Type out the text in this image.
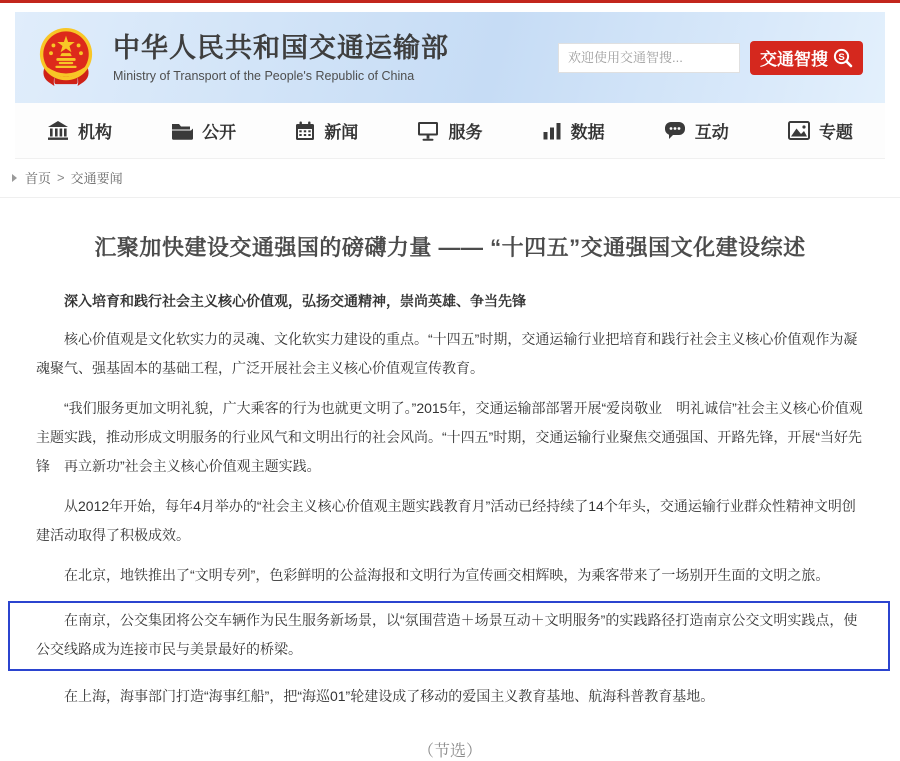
中华人民共和国交通运输部
Ministry of Transport of the People's Republic of China
欢迎使用交通智搜...
交通智搜 S
机构	公开	新闻	服务	数据	互动	专题
首页 > 交通要闻
汇聚加快建设交通强国的磅礴力量 —— “十四五”交通强国文化建设综述

深入培育和践行社会主义核心价值观，弘扬交通精神，崇尚英雄、争当先锋

核心价值观是文化软实力的灵魂、文化软实力建设的重点。“十四五”时期，交通运输行业把培育和践行社会主义核心价值观作为凝魂聚气、强基固本的基础工程，广泛开展社会主义核心价值观宣传教育。

“我们服务更加文明礼貌，广大乘客的行为也就更文明了。”2015年，交通运输部部署开展“爱岗敬业　明礼诚信”社会主义核心价值观主题实践，推动形成文明服务的行业风气和文明出行的社会风尚。“十四五”时期，交通运输行业聚焦交通强国、开路先锋，开展“当好先锋　再立新功”社会主义核心价值观主题实践。

从2012年开始，每年4月举办的“社会主义核心价值观主题实践教育月”活动已经持续了14个年头，交通运输行业群众性精神文明创建活动取得了积极成效。

在北京，地铁推出了“文明专列”，色彩鲜明的公益海报和文明行为宣传画交相辉映，为乘客带来了一场别开生面的文明之旅。

在南京，公交集团将公交车辆作为民生服务新场景，以“氛围营造＋场景互动＋文明服务”的实践路径打造南京公交文明实践点，使公交线路成为连接市民与美景最好的桥梁。

在上海，海事部门打造“海事红船”，把“海巡01”轮建设成了移动的爱国主义教育基地、航海科普教育基地。

（节选）
